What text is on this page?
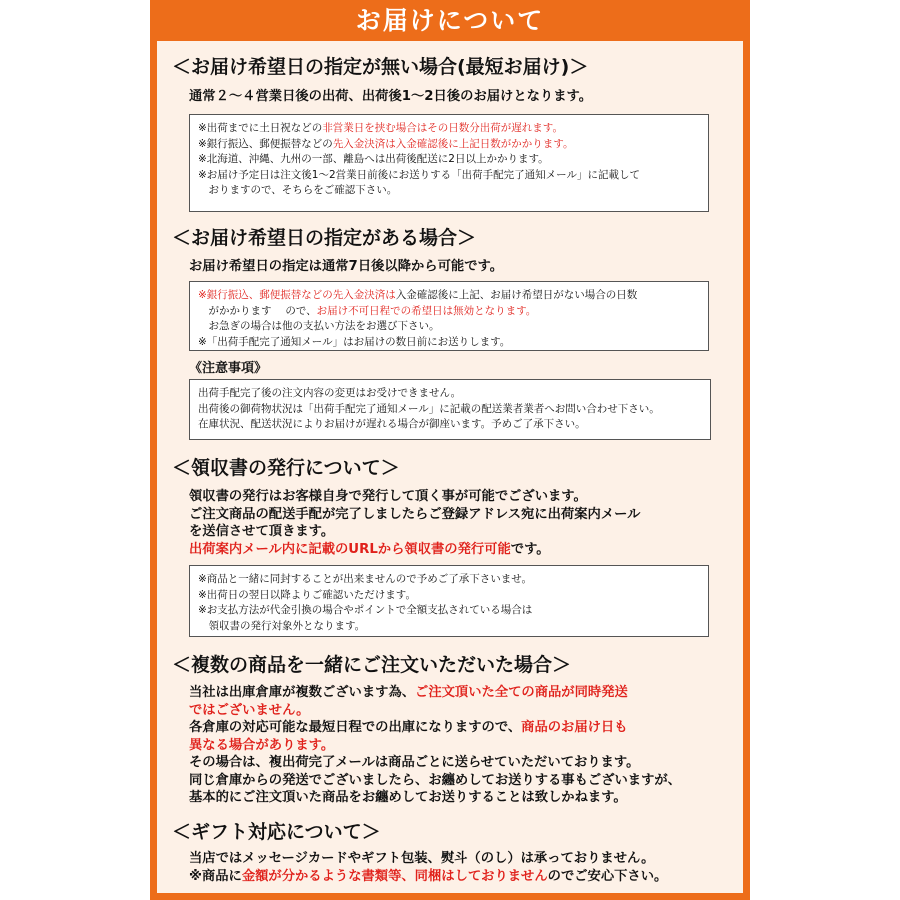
お届けについて
＜お届け希望日の指定が無い場合(最短お届け)＞
通常２～４営業日後の出荷、出荷後1～2日後のお届けとなります。
※出荷までに土日祝などの非営業日を挟む場合はその日数分出荷が遅れます。
※銀行振込、郵便振替などの先入金決済は入金確認後に上記日数がかかります。
※北海道、沖縄、九州の一部、離島へは出荷後配送に2日以上かかります。
※お届け予定日は注文後1～2営業日前後にお送りする「出荷手配完了通知メール」に記載して
　おりますので、そちらをご確認下さい。
＜お届け希望日の指定がある場合＞
お届け希望日の指定は通常7日後以降から可能です。
※銀行振込、郵便振替などの先入金決済は入金確認後に上記、お届け希望日がない場合の日数
　がかかります　 ので、お届け不可日程での希望日は無効となります。
　お急ぎの場合は他の支払い方法をお選び下さい。
※「出荷手配完了通知メール」はお届けの数日前にお送りします。
《注意事項》
出荷手配完了後の注文内容の変更はお受けできません。
出荷後の御荷物状況は「出荷手配完了通知メール」に記載の配送業者業者へお問い合わせ下さい。
在庫状況、配送状況によりお届けが遅れる場合が御座います。予めご了承下さい。
＜領収書の発行について＞
領収書の発行はお客様自身で発行して頂く事が可能でございます。
ご注文商品の配送手配が完了しましたらご登録アドレス宛に出荷案内メール
を送信させて頂きます。
出荷案内メール内に記載のURLから領収書の発行可能です。
※商品と一緒に同封することが出来ませんので予めご了承下さいませ。
※出荷日の翌日以降よりご確認いただけます。
※お支払方法が代金引換の場合やポイントで全額支払されている場合は
　領収書の発行対象外となります。
＜複数の商品を一緒にご注文いただいた場合＞
当社は出庫倉庫が複数ございます為、ご注文頂いた全ての商品が同時発送
ではございません。
各倉庫の対応可能な最短日程での出庫になりますので、商品のお届け日も
異なる場合があります。
その場合は、複出荷完了メールは商品ごとに送らせていただいております。
同じ倉庫からの発送でございましたら、お纏めしてお送りする事もございますが、
基本的にご注文頂いた商品をお纏めしてお送りすることは致しかねます。
＜ギフト対応について＞
当店ではメッセージカードやギフト包装、熨斗（のし）は承っておりません。
※商品に金額が分かるような書類等、同梱はしておりませんのでご安心下さい。
